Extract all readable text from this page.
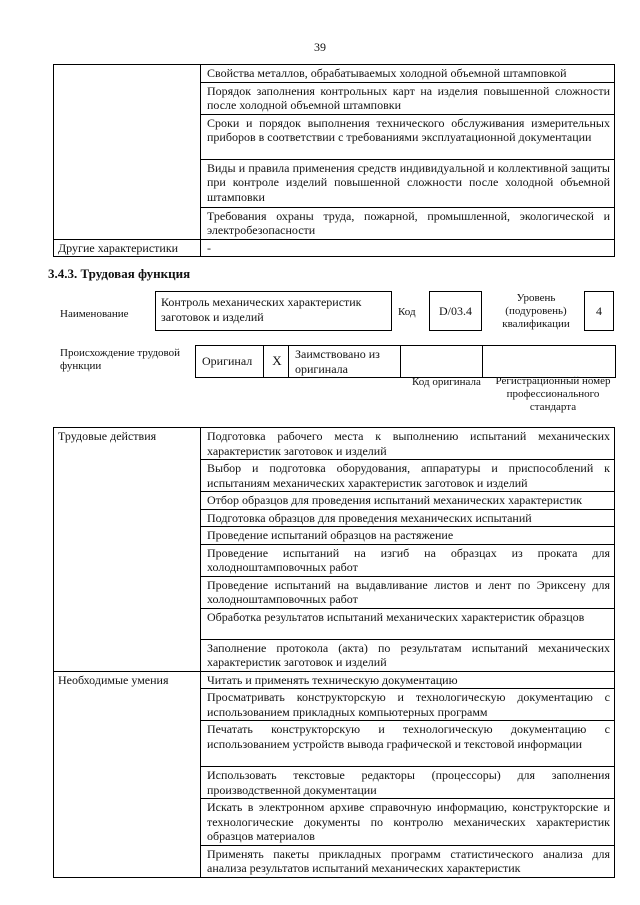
39
	Свойства металлов, обрабатываемых холодной объемной штамповкой
	Порядок заполнения контрольных карт на изделия повышенной сложности после холодной объемной штамповки
	Сроки и порядок выполнения технического обслуживания измерительных приборов в соответствии с требованиями эксплуатационной документации
	Виды и правила применения средств индивидуальной и коллективной защиты при контроле изделий повышенной сложности после холодной объемной штамповки
	Требования охраны труда, пожарной, промышленной, экологической и электробезопасности
Другие характеристики	-
3.4.3. Трудовая функция
Наименование
Контроль механических характеристик заготовок и изделий	Код	D/03.4
Уровень (подуровень) квалификации
4
Происхождение трудовой функции	Оригинал	X	Заимствовано из оригинала		
Код оригинала	Регистрационный номер профессионального стандарта
Трудовые действия	Подготовка рабочего места к выполнению испытаний механических характеристик заготовок и изделий
	Выбор и подготовка оборудования, аппаратуры и приспособлений к испытаниям механических характеристик заготовок и изделий
	Отбор образцов для проведения испытаний механических характеристик
	Подготовка образцов для проведения механических испытаний
	Проведение испытаний образцов на растяжение
	Проведение испытаний на изгиб на образцах из проката для холодноштамповочных работ
	Проведение испытаний на выдавливание листов и лент по Эриксену для холодноштамповочных работ
	Обработка результатов испытаний механических характеристик образцов
	Заполнение протокола (акта) по результатам испытаний механических характеристик заготовок и изделий
Необходимые умения	Читать и применять техническую документацию
	Просматривать конструкторскую и технологическую документацию с использованием прикладных компьютерных программ
	Печатать конструкторскую и технологическую документацию с использованием устройств вывода графической и текстовой информации
	Использовать текстовые редакторы (процессоры) для заполнения производственной документации
	Искать в электронном архиве справочную информацию, конструкторские и технологические документы по контролю механических характеристик образцов материалов
	Применять пакеты прикладных программ статистического анализа для анализа результатов испытаний механических характеристик
